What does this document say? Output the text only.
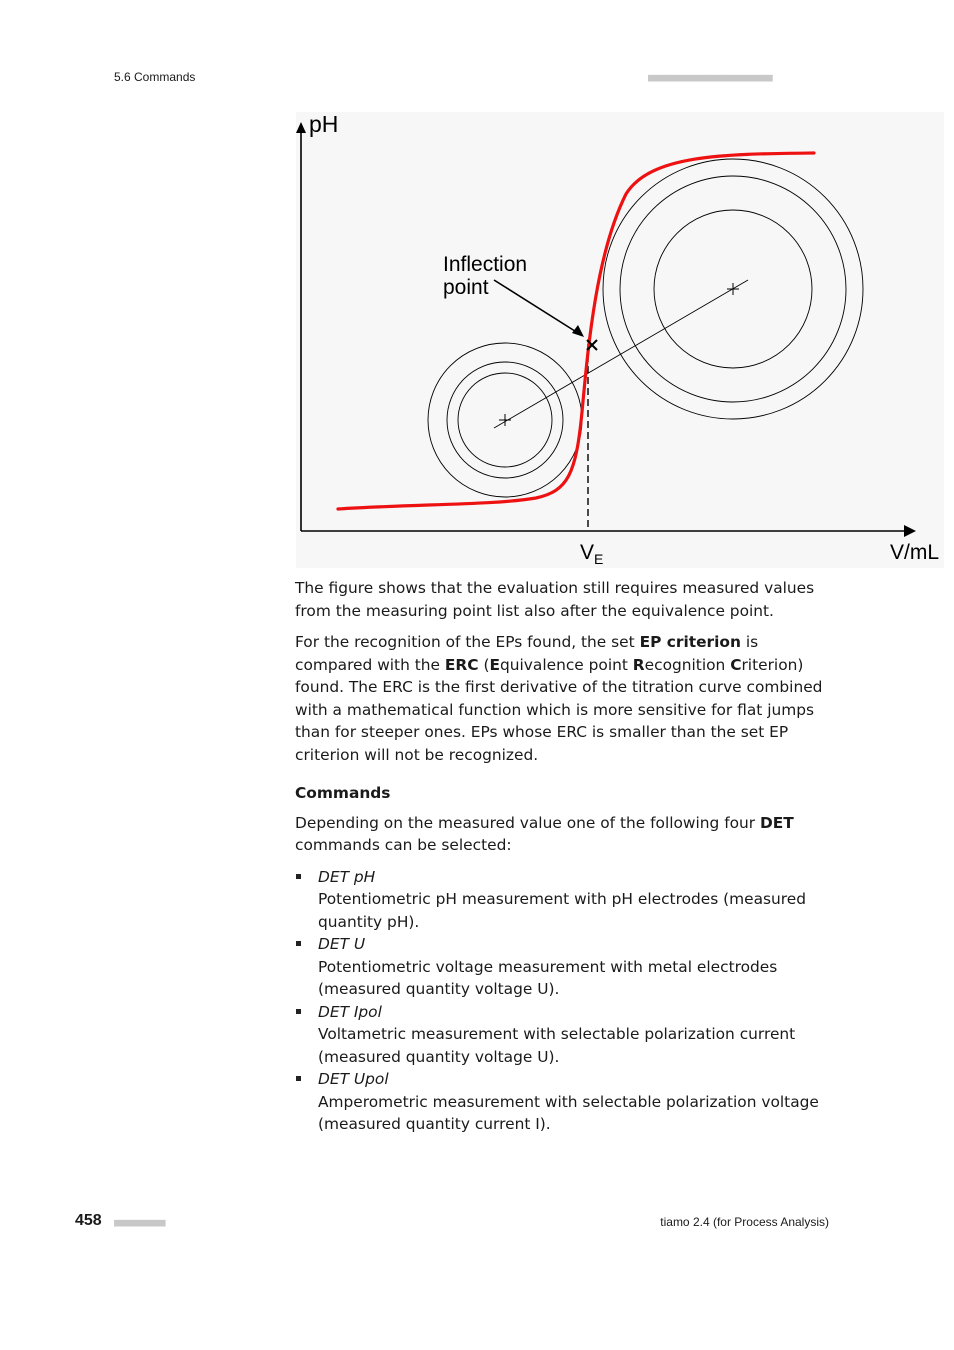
5.6 Commands	■■■■■■■■■■■■■■■■■■■■■■
pH
V/mL
$V_E$
Inflection
point

The figure shows that the evaluation still requires measured values from the measuring point list also after the equivalence point.

For the recognition of the EPs found, the set EP criterion is compared with the ERC (Equivalence point Recognition Criterion) found. The ERC is the first derivative of the titration curve combined with a mathematical function which is more sensitive for flat jumps than for steeper ones. EPs whose ERC is smaller than the set EP criterion will not be recognized.

Commands

Depending on the measured value one of the following four DET commands can be selected:

DET pH
Potentiometric pH measurement with pH electrodes (measured quantity pH).
DET U
Potentiometric voltage measurement with metal electrodes (measured quantity voltage U).
DET Ipol
Voltametric measurement with selectable polarization current (measured quantity voltage U).
DET Upol
Amperometric measurement with selectable polarization voltage (measured quantity current I).
458 ■■■■■■■■■	tiamo 2.4 (for Process Analysis)
